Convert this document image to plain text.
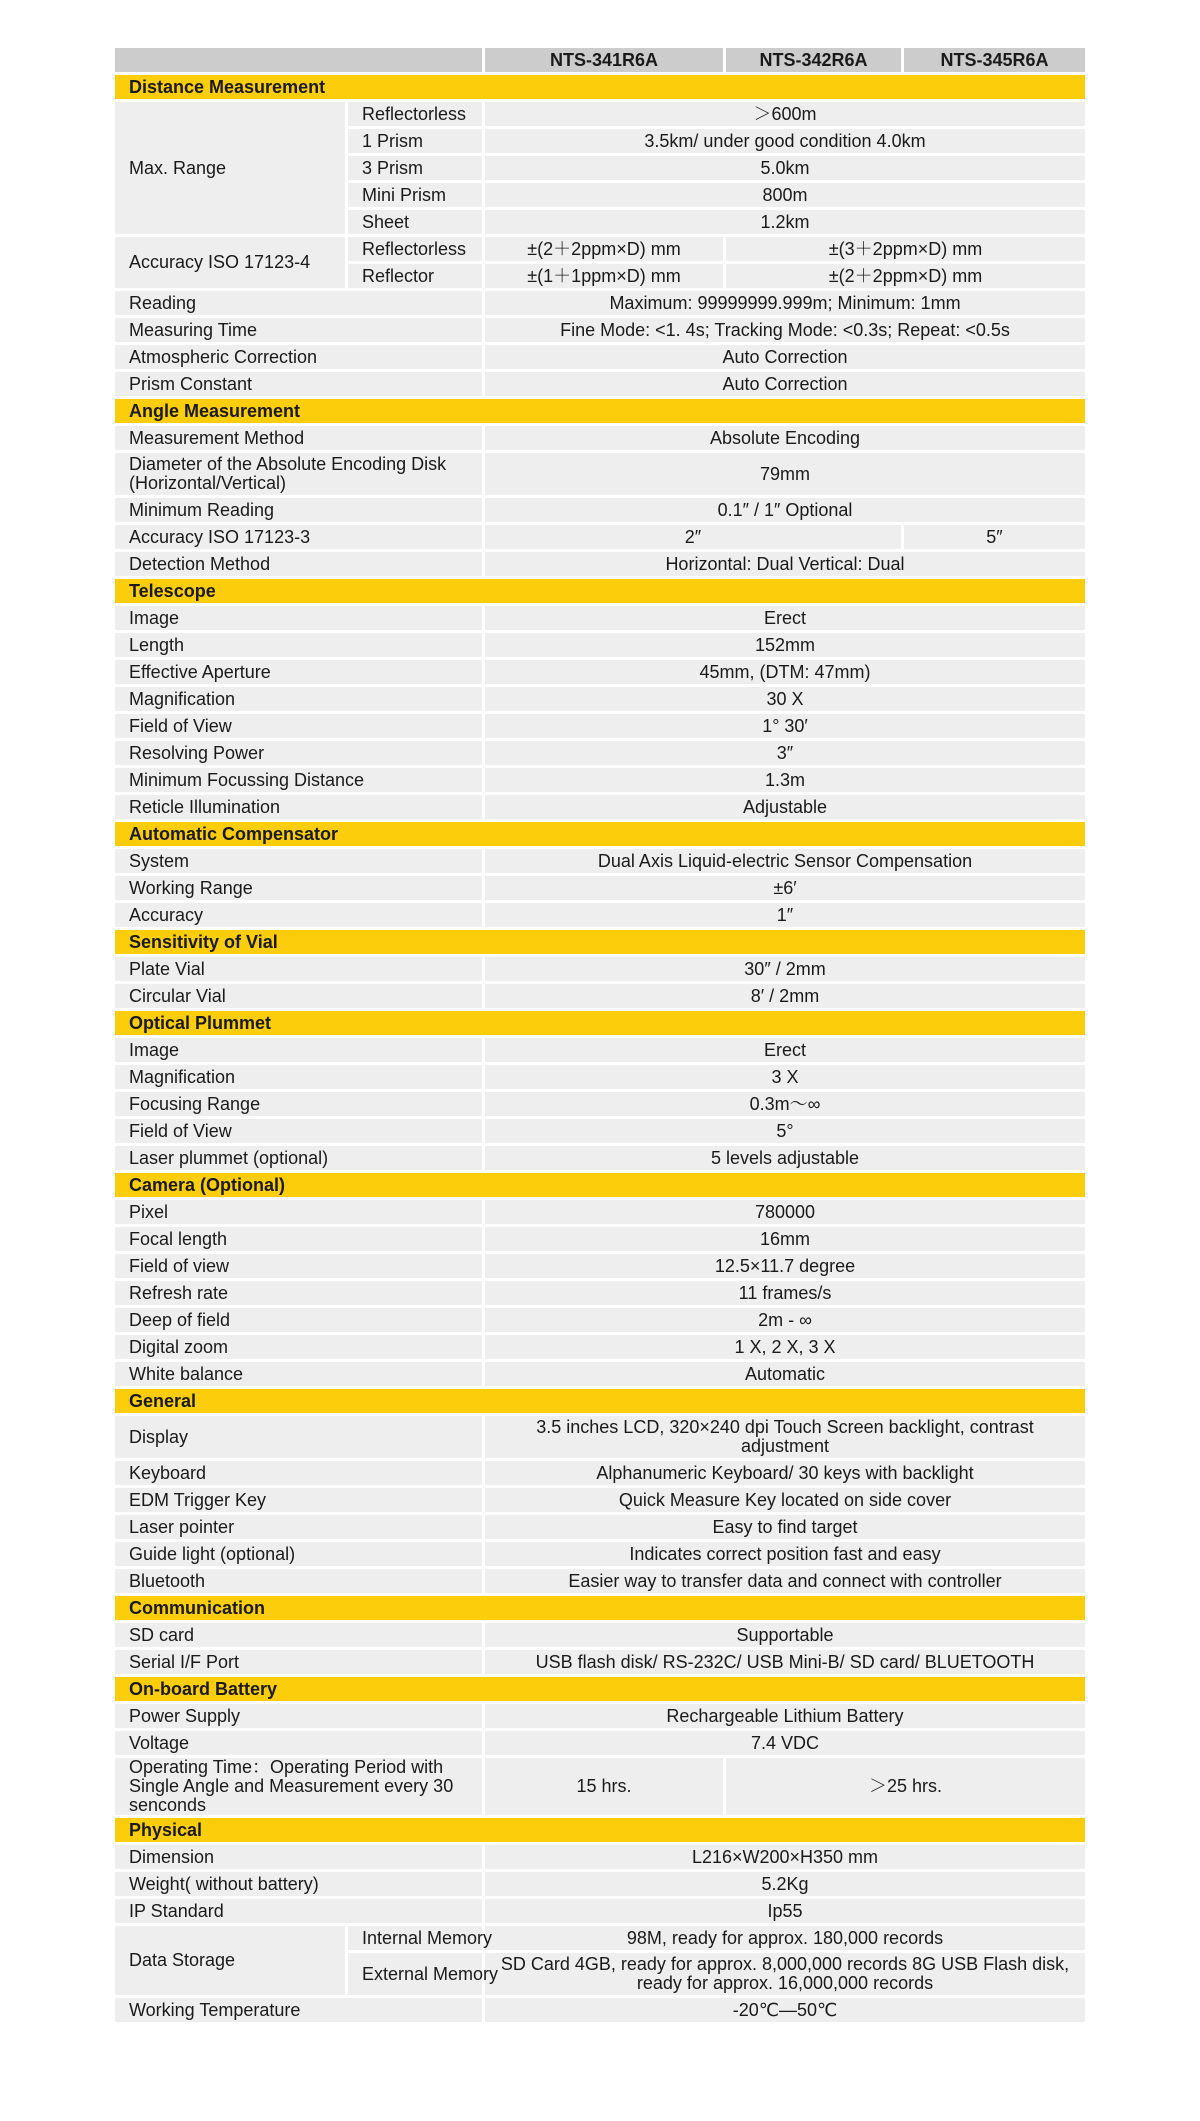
		NTS-341R6A	NTS-342R6A	NTS-345R6A
Distance Measurement				
Max. Range	Reflectorless	＞600m		
	1 Prism	3.5km/ under good condition 4.0km		
	3 Prism	5.0km		
	Mini Prism	800m		
	Sheet	1.2km		
Accuracy ISO 17123-4	Reflectorless	±(2＋2ppm×D) mm	±(3＋2ppm×D) mm	
	Reflector	±(1＋1ppm×D) mm	±(2＋2ppm×D) mm	
Reading		Maximum: 99999999.999m; Minimum: 1mm		
Measuring Time		Fine Mode: <1. 4s; Tracking Mode: <0.3s; Repeat: <0.5s		
Atmospheric Correction		Auto Correction		
Prism Constant		Auto Correction		
Angle Measurement				
Measurement Method		Absolute Encoding		
Diameter of the Absolute Encoding Disk (Horizontal/Vertical)		79mm		
Minimum Reading		0.1″ / 1″ Optional		
Accuracy ISO 17123-3		2″		5″
Detection Method		Horizontal: Dual Vertical: Dual		
Telescope				
Image		Erect		
Length		152mm		
Effective Aperture		45mm, (DTM: 47mm)		
Magnification		30 X		
Field of View		1° 30′		
Resolving Power		3″		
Minimum Focussing Distance		1.3m		
Reticle Illumination		Adjustable		
Automatic Compensator				
System		Dual Axis Liquid-electric Sensor Compensation		
Working Range		±6′		
Accuracy		1″		
Sensitivity of Vial				
Plate Vial		30″ / 2mm		
Circular Vial		8′ / 2mm		
Optical Plummet				
Image		Erect		
Magnification		3 X		
Focusing Range		0.3m～∞		
Field of View		5°		
Laser plummet (optional)		5 levels adjustable		
Camera (Optional)				
Pixel		780000		
Focal length		16mm		
Field of view		12.5×11.7 degree		
Refresh rate		11 frames/s		
Deep of field		2m - ∞		
Digital zoom		1 X, 2 X, 3 X		
White balance		Automatic		
General				
Display		3.5 inches LCD, 320×240 dpi Touch Screen backlight, contrast adjustment		
Keyboard		Alphanumeric Keyboard/ 30 keys with backlight		
EDM Trigger Key		Quick Measure Key located on side cover		
Laser pointer		Easy to find target		
Guide light (optional)		Indicates correct position fast and easy		
Bluetooth		Easier way to transfer data and connect with controller		
Communication				
SD card		Supportable		
Serial I/F Port		USB flash disk/ RS-232C/ USB Mini-B/ SD card/ BLUETOOTH		
On-board Battery				
Power Supply		Rechargeable Lithium Battery		
Voltage		7.4 VDC		
Operating Time：Operating Period with Single Angle and Measurement every 30 senconds		15 hrs.	＞25 hrs.	
Physical				
Dimension		L216×W200×H350 mm		
Weight( without battery)		5.2Kg		
IP Standard		Ip55		
Data Storage	Internal Memory	98M, ready for approx. 180,000 records		
	External Memory	SD Card 4GB, ready for approx. 8,000,000 records 8G USB Flash disk, ready for approx. 16,000,000 records		
Working Temperature		-20℃—50℃		
